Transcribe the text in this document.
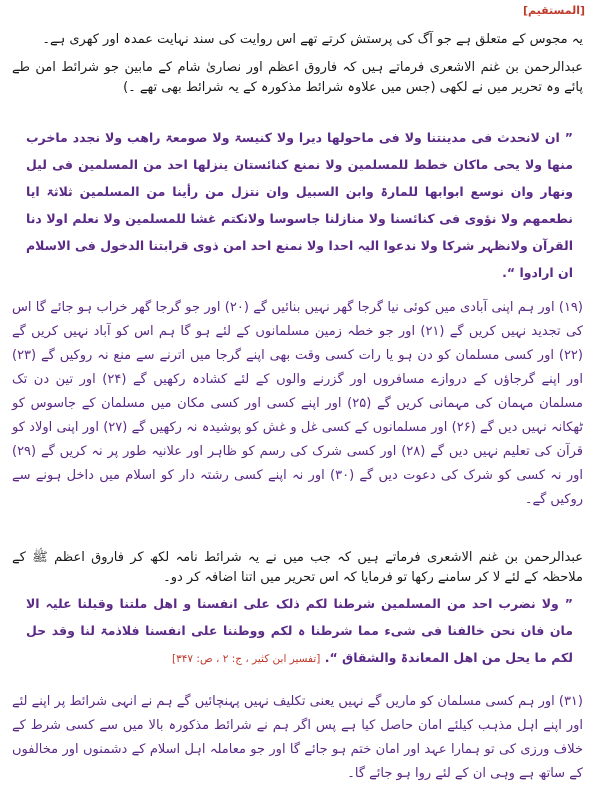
[المستقیم]

یہ مجوس کے متعلق ہے جو آگ کی پرستش کرتے تھے اس روایت کی سند نہایت عمدہ اور کھری ہے۔

عبدالرحمن بن غنم الاشعری فرماتے ہیں کہ فاروق اعظم اور نصاریٰ شام کے مابین جو شرائط امن طے پائے وہ تحریر میں نے لکھی (جس میں علاوہ شرائط مذکورہ کے یہ شرائط بھی تھے ۔)

” ان لانحدث فی مدینتنا ولا فی ماحولھا دیرا ولا کنیسۃ ولا صومعۃ راھب ولا نجدد ماخرب منھا ولا یحی ماکان خطط للمسلمین ولا نمنع کنائستان ینزلھا احد من المسلمین فی لیل ونھار وان نوسع ابوابھا للمارۃ وابن السبیل وان نتزل من رأینا من المسلمین ثلاثۃ ایا نطعمھم ولا نؤوی فی کنائسنا ولا منازلنا جاسوسا ولانکتم غشا للمسلمین ولا نعلم اولا دنا القرآن ولانظہر شرکا ولا ندعوا الیہ احدا ولا نمنع احد امن ذوی قرابتنا الدخول فی الاسلام ان ارادوا “.

(۱۹) اور ہم اپنی آبادی میں کوئی نیا گرجا گھر نہیں بنائیں گے (۲۰) اور جو گرجا گھر خراب ہو جائے گا اس کی تجدید نہیں کریں گے (۲۱) اور جو خطہ زمین مسلمانوں کے لئے ہو گا ہم اس کو آباد نہیں کریں گے (۲۲) اور کسی مسلمان کو دن ہو یا رات کسی وقت بھی اپنے گرجا میں اترنے سے منع نہ روکیں گے (۲۳) اور اپنے گرجاؤں کے دروازے مسافروں اور گزرنے والوں کے لئے کشادہ رکھیں گے (۲۴) اور تین دن تک مسلمان مہمان کی مہمانی کریں گے (۲۵) اور اپنے کسی اور کسی مکان میں مسلمان کے جاسوس کو ٹھکانہ نہیں دیں گے (۲۶) اور مسلمانوں کے کسی غل و غش کو پوشیدہ نہ رکھیں گے (۲۷) اور اپنی اولاد کو قرآن کی تعلیم نہیں دیں گے (۲۸) اور کسی شرک کی رسم کو ظاہر اور علانیہ طور پر نہ کریں گے (۲۹) اور نہ کسی کو شرک کی دعوت دیں گے (۳۰) اور نہ اپنے کسی رشتہ دار کو اسلام میں داخل ہونے سے روکیں گے۔

عبدالرحمن بن غنم الاشعری فرماتے ہیں کہ جب میں نے یہ شرائط نامہ لکھ کر فاروق اعظم ﷺ کے ملاحظہ کے لئے لا کر سامنے رکھا تو فرمایا کہ اس تحریر میں اتنا اضافہ کر دو۔

” ولا نضرب احد من المسلمین شرطنا لکم ذلک علی انفسنا و اھل ملتنا وقبلنا علیہ الا مان فان نحن خالفنا فی شیء مما شرطنا ہ لکم ووطننا علی انفسنا فلاذمۃ لنا وقد حل لکم ما یحل من اھل المعاندۃ والشقاق “. [تفسیر ابن کثیر ، ج: ۲ ، ص: ۳۴۷]

(۳۱) اور ہم کسی مسلمان کو ماریں گے نہیں یعنی تکلیف نہیں پہنچائیں گے ہم نے انہی شرائط پر اپنے لئے اور اپنے اہل مذہب کیلئے امان حاصل کیا ہے پس اگر ہم نے شرائط مذکورہ بالا میں سے کسی شرط کے خلاف ورزی کی تو ہمارا عہد اور امان ختم ہو جائے گا اور جو معاملہ اہل اسلام کے دشمنوں اور مخالفوں کے ساتھ ہے وہی ان کے لئے روا ہو جائے گا۔
